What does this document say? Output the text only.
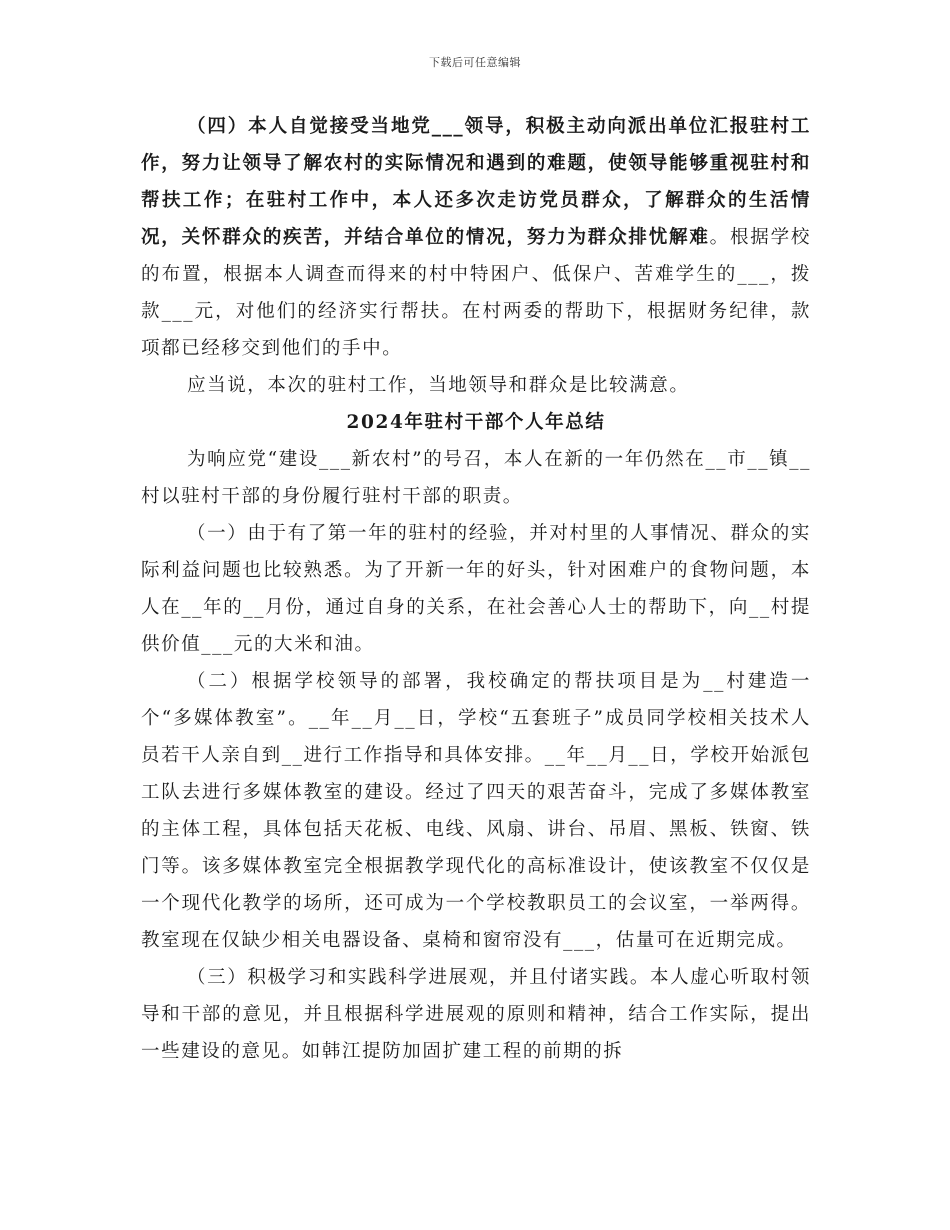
下载后可任意编辑

（四）本人自觉接受当地党___领导，积极主动向派出单位汇报驻村工作，努力让领导了解农村的实际情况和遇到的难题，使领导能够重视驻村和帮扶工作；在驻村工作中，本人还多次走访党员群众，了解群众的生活情况，关怀群众的疾苦，并结合单位的情况，努力为群众排忧解难。根据学校的布置，根据本人调查而得来的村中特困户、低保户、苦难学生的___，拨款___元，对他们的经济实行帮扶。在村两委的帮助下，根据财务纪律，款项都已经移交到他们的手中。

应当说，本次的驻村工作，当地领导和群众是比较满意。

2024年驻村干部个人年总结

为响应党“建设___新农村”的号召，本人在新的一年仍然在__市__镇__村以驻村干部的身份履行驻村干部的职责。

（一）由于有了第一年的驻村的经验，并对村里的人事情况、群众的实际利益问题也比较熟悉。为了开新一年的好头，针对困难户的食物问题，本人在__年的__月份，通过自身的关系，在社会善心人士的帮助下，向__村提供价值___元的大米和油。

（二）根据学校领导的部署，我校确定的帮扶项目是为__村建造一个“多媒体教室”。__年__月__日，学校“五套班子”成员同学校相关技术人员若干人亲自到__进行工作指导和具体安排。__年__月__日，学校开始派包工队去进行多媒体教室的建设。经过了四天的艰苦奋斗，完成了多媒体教室的主体工程，具体包括天花板、电线、风扇、讲台、吊眉、黑板、铁窗、铁门等。该多媒体教室完全根据教学现代化的高标准设计，使该教室不仅仅是一个现代化教学的场所，还可成为一个学校教职员工的会议室，一举两得。教室现在仅缺少相关电器设备、桌椅和窗帘没有___，估量可在近期完成。

（三）积极学习和实践科学进展观，并且付诸实践。本人虚心听取村领导和干部的意见，并且根据科学进展观的原则和精神，结合工作实际，提出一些建设的意见。如韩江提防加固扩建工程的前期的拆
